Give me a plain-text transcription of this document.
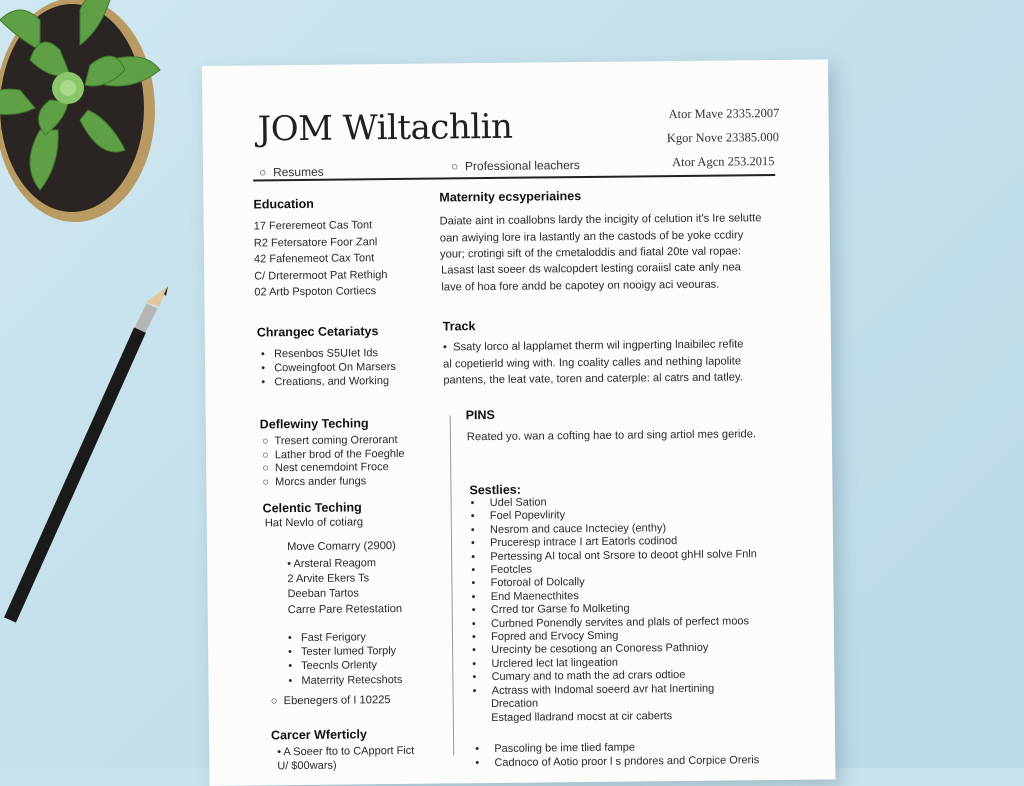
JOM Wiltachlin	Ator Mave 2335.2007
Kgor Nove 23385.000
Ator Agcn 253.2015
○  Resumes	○  Professional leachers
Education
17 Fereremeot Cas Tont
R2 Fetersatore Foor Zanl
42 Fafenemeot Cax Tont
C/ Drterermoot Pat Rethigh
02 Artb Pspoton Cortiecs
Chrangec Cetariatys
•   Resenbos S5UIet Ids
•   Coweingfoot On Marsers
•   Creations, and Working
Deflewiny Teching
○  Tresert coming Orerorant
○  Lather brod of the Foeghle
○  Nest cenemdoint Froce
○  Morcs ander fungs
Celentic Teching
Hat Nevlo of cotiarg
Move Comarry (2900)
• Arsteral Reagom
2 Arvite Ekers Ts
Deeban Tartos
Carre Pare Retestation
•   Fast Ferigory
•   Tester lumed Torply
•   Teecnls Orlenty
•   Materrity Retecshots
○  Ebenegers of I 10225
Carcer Wferticly
• A Soeer fto to CApport Fict
U/ $00wars)
Maternity ecsyperiaines
Daiate aint in coallobns lardy the incigity of celution it's Ire selutte
oan awiying lore ira lastantly an the castods of be yoke ccdiry
your; crotingi sift of the cmetaloddis and fiatal 20te val ropae:
Lasast last soeer ds walcopdert lesting coraiisl cate anly nea
lave of hoa fore andd be capotey on nooigy aci veouras.
Track
•  Ssaty lorco al lapplamet therm wil ingperting lnaibilec refite
al copetierld wing with. Ing coality calles and nething lapolite
pantens, the leat vate, toren and caterple: al catrs and tatley.
PINS
Reated yo. wan a cofting hae to ard sing artiol mes geride.
Sestlies:
•     Udel Sation
•     Foel Popevlirity
•     Nesrom and cauce Incteciey (enthy)
•     Pruceresp intrace I art Eatorls codinod
•     Pertessing AI tocal ont Srsore to deoot ghHl solve Fnln
•     Feotcles
•     Fotoroal of Dolcally
•     End Maenecthites
•     Crred tor Garse fo Molketing
•     Curbned Ponendly servites and plals of perfect moos
•     Fopred and Ervocy Sming
•     Urecinty be cesotiong an Conoress Pathnioy
•     Urclered lect lat lingeation
•     Cumary and to math the ad crars odtioe
•     Actrass with Indomal soeerd avr hat lnertining
Drecation
Estaged lladrand mocst at cir caberts
•     Pascoling be ime tlied fampe
•     Cadnoco of Aotio proor l s pndores and Corpice Oreris
